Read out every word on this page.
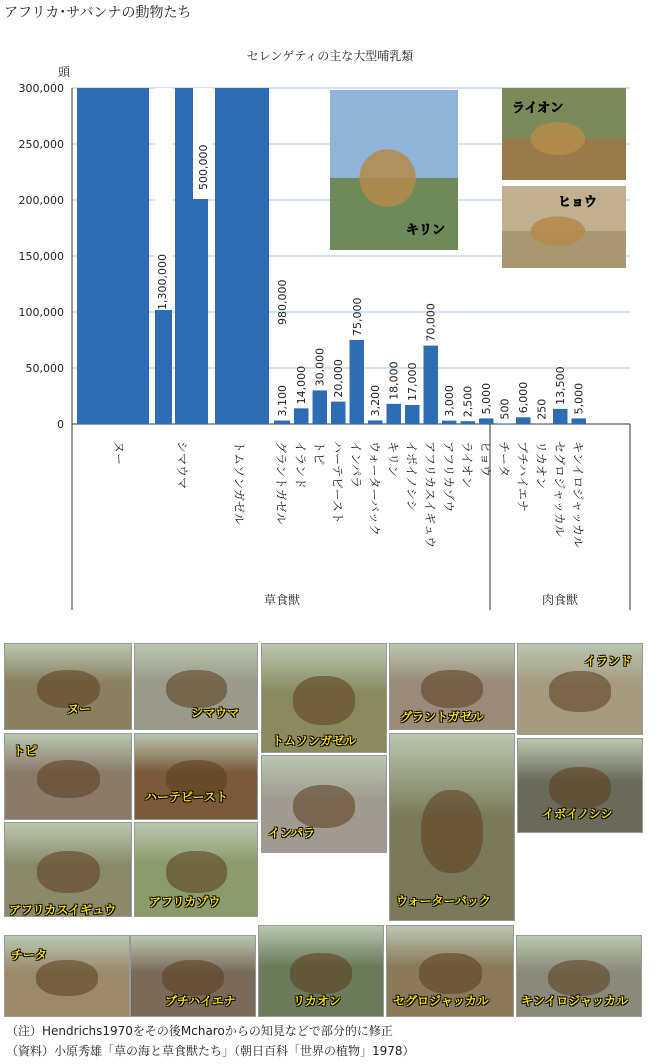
アフリカ･サバンナの動物たち
セレンゲティの主な大型哺乳類
頭
0
50,000
100,000
150,000
200,000
250,000
300,000
キリン
ライオン
ヒョウ
1,300,000
500,000
980,000
3,100 14,000 30,000 20,000
75,000
3,200
18,000 17,000
70,000
3,000 2,500 5,000 500 6,000 250
13,500 5,000
ヌー	シマウマ	トムソンガゼル グラントガゼル イランド トピ ハーテビースト インパラ ウォーターバック キリン イボイノシシ アフリカスイギュウ アフリカゾウ ライオン ヒョウ チータ ブチハイエナ リカオン セグロジャッカル キンイロジャッカル
草食獣	肉食獣
ヌー	シマウマ
トムソンガゼル
グラントガゼル
イランド
トピ
ハーテビースト
インパラ
ウォーターバック
イボイノシシ
アフリカスイギュウ
アフリカゾウ
チータ
ブチハイエナ	リカオン	セグロジャッカル	キンイロジャッカル
（注）Hendrichs1970をその後Mcharoからの知見などで部分的に修正
（資料）小原秀雄「草の海と草食獣たち」（朝日百科「世界の植物」1978）
